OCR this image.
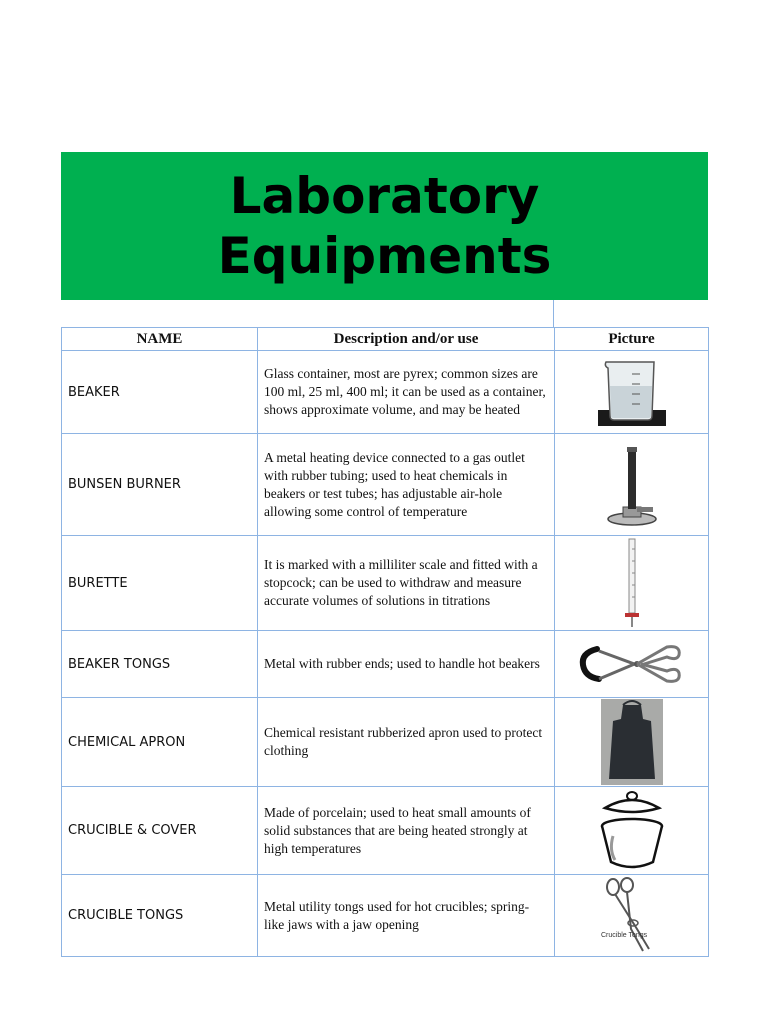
Laboratory
Equipments
NAME	Description and/or use	Picture
BEAKER	Glass container, most are pyrex; common sizes are 100 ml, 25 ml, 400 ml; it can be used as a container, shows approximate volume, and may be heated	

BUNSEN BURNER	A metal heating device connected to a gas outlet with rubber tubing; used to heat chemicals in beakers or test tubes; has adjustable air-hole allowing some control of temperature	

BURETTE	It is marked with a milliliter scale and fitted with a stopcock; can be used to withdraw and measure accurate volumes of solutions in titrations	

BEAKER TONGS	Metal with rubber ends; used to handle hot beakers	

CHEMICAL APRON	Chemical resistant rubberized apron used to protect clothing	

CRUCIBLE & COVER	Made of porcelain; used to heat small amounts of solid substances that are being heated strongly at high temperatures	

CRUCIBLE TONGS	Metal utility tongs used for hot crucibles; spring-like jaws with a jaw opening	Crucible Tongs
